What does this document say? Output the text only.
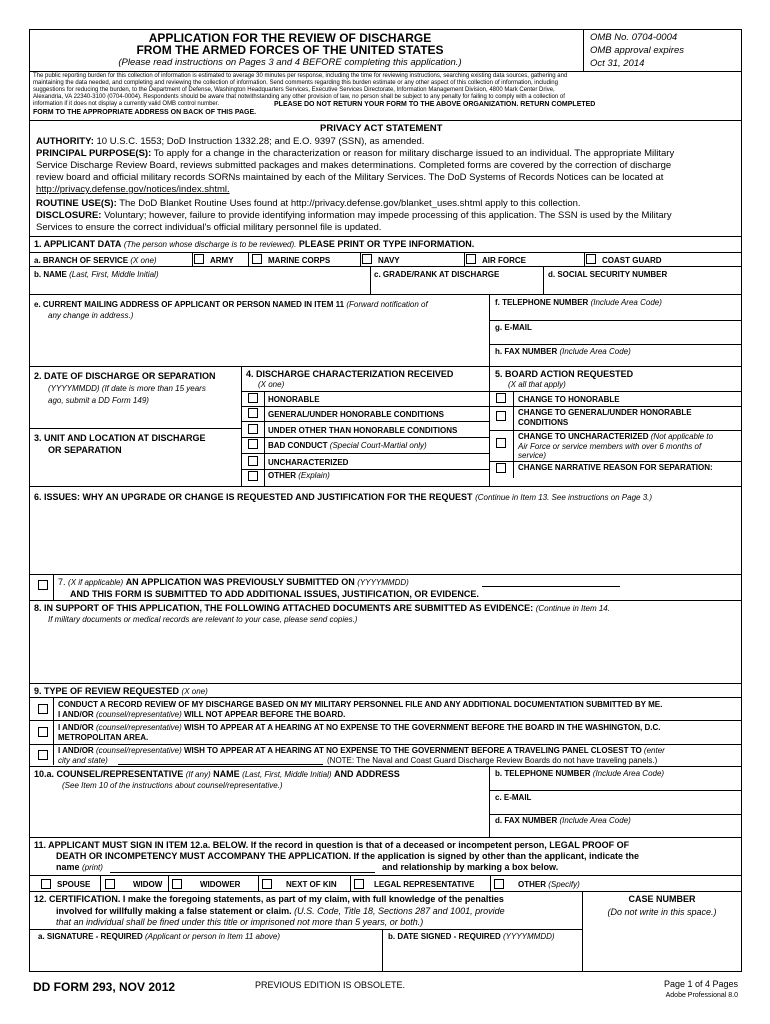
APPLICATION FOR THE REVIEW OF DISCHARGE
FROM THE ARMED FORCES OF THE UNITED STATES
(Please read instructions on Pages 3 and 4 BEFORE completing this application.)
OMB No. 0704-0004
OMB approval expires
Oct 31, 2014
The public reporting burden for this collection of information is estimated to average 30 minutes per response, including the time for reviewing instructions, searching existing data sources, gathering and
maintaining the data needed, and completing and reviewing the collection of information. Send comments regarding this burden estimate or any other aspect of this collection of information, including
suggestions for reducing the burden, to the Department of Defense, Washington Headquarters Services, Executive Services Directorate, Information Management Division, 4800 Mark Center Drive,
Alexandria, VA 22340-3100 (0704-0004). Respondents should be aware that notwithstanding any other provision of law, no person shall be subject to any penalty for failing to comply with a collection of
information if it does not display a currently valid OMB control number.	PLEASE DO NOT RETURN YOUR FORM TO THE ABOVE ORGANIZATION. RETURN COMPLETED
FORM TO THE APPROPRIATE ADDRESS ON BACK OF THIS PAGE.
PRIVACY ACT STATEMENT
AUTHORITY: 10 U.S.C. 1553; DoD Instruction 1332.28; and E.O. 9397 (SSN), as amended.
PRINCIPAL PURPOSE(S): To apply for a change in the characterization or reason for military discharge issued to an individual. The appropriate Military
Service Discharge Review Board, reviews submitted packages and makes determinations. Completed forms are covered by the correction of discharge
review board and official military records SORNs maintained by each of the Military Services. The DoD Systems of Records Notices can be located at
http://privacy.defense.gov/notices/index.shtml.
ROUTINE USE(S): The DoD Blanket Routine Uses found at http://privacy.defense.gov/blanket_uses.shtml apply to this collection.
DISCLOSURE: Voluntary; however, failure to provide identifying information may impede processing of this application. The SSN is used by the Military
Services to ensure the correct individual's official military personnel file is updated.
1. APPLICANT DATA (The person whose discharge is to be reviewed). PLEASE PRINT OR TYPE INFORMATION.
a. BRANCH OF SERVICE (X one)	ARMY	MARINE CORPS	NAVY	AIR FORCE	COAST GUARD
b. NAME (Last, First, Middle Initial)	c. GRADE/RANK AT DISCHARGE	d. SOCIAL SECURITY NUMBER
e. CURRENT MAILING ADDRESS OF APPLICANT OR PERSON NAMED IN ITEM 11 (Forward notification of
any change in address.)
f. TELEPHONE NUMBER (Include Area Code)
g. E-MAIL
h. FAX NUMBER (Include Area Code)
2. DATE OF DISCHARGE OR SEPARATION
(YYYYMMDD) (If date is more than 15 years
ago, submit a DD Form 149)
3. UNIT AND LOCATION AT DISCHARGE
OR SEPARATION
4. DISCHARGE CHARACTERIZATION RECEIVED
(X one)
HONORABLE
GENERAL/UNDER HONORABLE CONDITIONS
UNDER OTHER THAN HONORABLE CONDITIONS
BAD CONDUCT (Special Court-Martial only)
UNCHARACTERIZED
OTHER (Explain)
5. BOARD ACTION REQUESTED
(X all that apply)
CHANGE TO HONORABLE
CHANGE TO GENERAL/UNDER HONORABLE
CONDITIONS
CHANGE TO UNCHARACTERIZED (Not applicable to
Air Force or service members with over 6 months of
service)
CHANGE NARRATIVE REASON FOR SEPARATION:
6. ISSUES: WHY AN UPGRADE OR CHANGE IS REQUESTED AND JUSTIFICATION FOR THE REQUEST (Continue in Item 13. See instructions on Page 3.)
7. (X if applicable) AN APPLICATION WAS PREVIOUSLY SUBMITTED ON (YYYYMMDD)
AND THIS FORM IS SUBMITTED TO ADD ADDITIONAL ISSUES, JUSTIFICATION, OR EVIDENCE.
8. IN SUPPORT OF THIS APPLICATION, THE FOLLOWING ATTACHED DOCUMENTS ARE SUBMITTED AS EVIDENCE: (Continue in Item 14.
If military documents or medical records are relevant to your case, please send copies.)
9. TYPE OF REVIEW REQUESTED (X one)
CONDUCT A RECORD REVIEW OF MY DISCHARGE BASED ON MY MILITARY PERSONNEL FILE AND ANY ADDITIONAL DOCUMENTATION SUBMITTED BY ME.
I AND/OR (counsel/representative) WILL NOT APPEAR BEFORE THE BOARD.
I AND/OR (counsel/representative) WISH TO APPEAR AT A HEARING AT NO EXPENSE TO THE GOVERNMENT BEFORE THE BOARD IN THE WASHINGTON, D.C.
METROPOLITAN AREA.
I AND/OR (counsel/representative) WISH TO APPEAR AT A HEARING AT NO EXPENSE TO THE GOVERNMENT BEFORE A TRAVELING PANEL CLOSEST TO (enter
city and state)	(NOTE: The Naval and Coast Guard Discharge Review Boards do not have traveling panels.)
10.a. COUNSEL/REPRESENTATIVE (If any) NAME (Last, First, Middle Initial) AND ADDRESS
(See Item 10 of the instructions about counsel/representative.)
b. TELEPHONE NUMBER (Include Area Code)
c. E-MAIL
d. FAX NUMBER (Include Area Code)
11. APPLICANT MUST SIGN IN ITEM 12.a. BELOW. If the record in question is that of a deceased or incompetent person, LEGAL PROOF OF
DEATH OR INCOMPETENCY MUST ACCOMPANY THE APPLICATION. If the application is signed by other than the applicant, indicate the
name (print)	and relationship by marking a box below.
SPOUSE	WIDOW	WIDOWER	NEXT OF KIN	LEGAL REPRESENTATIVE	OTHER (Specify)
12. CERTIFICATION. I make the foregoing statements, as part of my claim, with full knowledge of the penalties
involved for willfully making a false statement or claim. (U.S. Code, Title 18, Sections 287 and 1001, provide
that an individual shall be fined under this title or imprisoned not more than 5 years, or both.)
a. SIGNATURE - REQUIRED (Applicant or person in Item 11 above)	b. DATE SIGNED - REQUIRED (YYYYMMDD)
CASE NUMBER
(Do not write in this space.)
DD FORM 293, NOV 2012	PREVIOUS EDITION IS OBSOLETE.	Page 1 of 4 Pages
Adobe Professional 8.0
